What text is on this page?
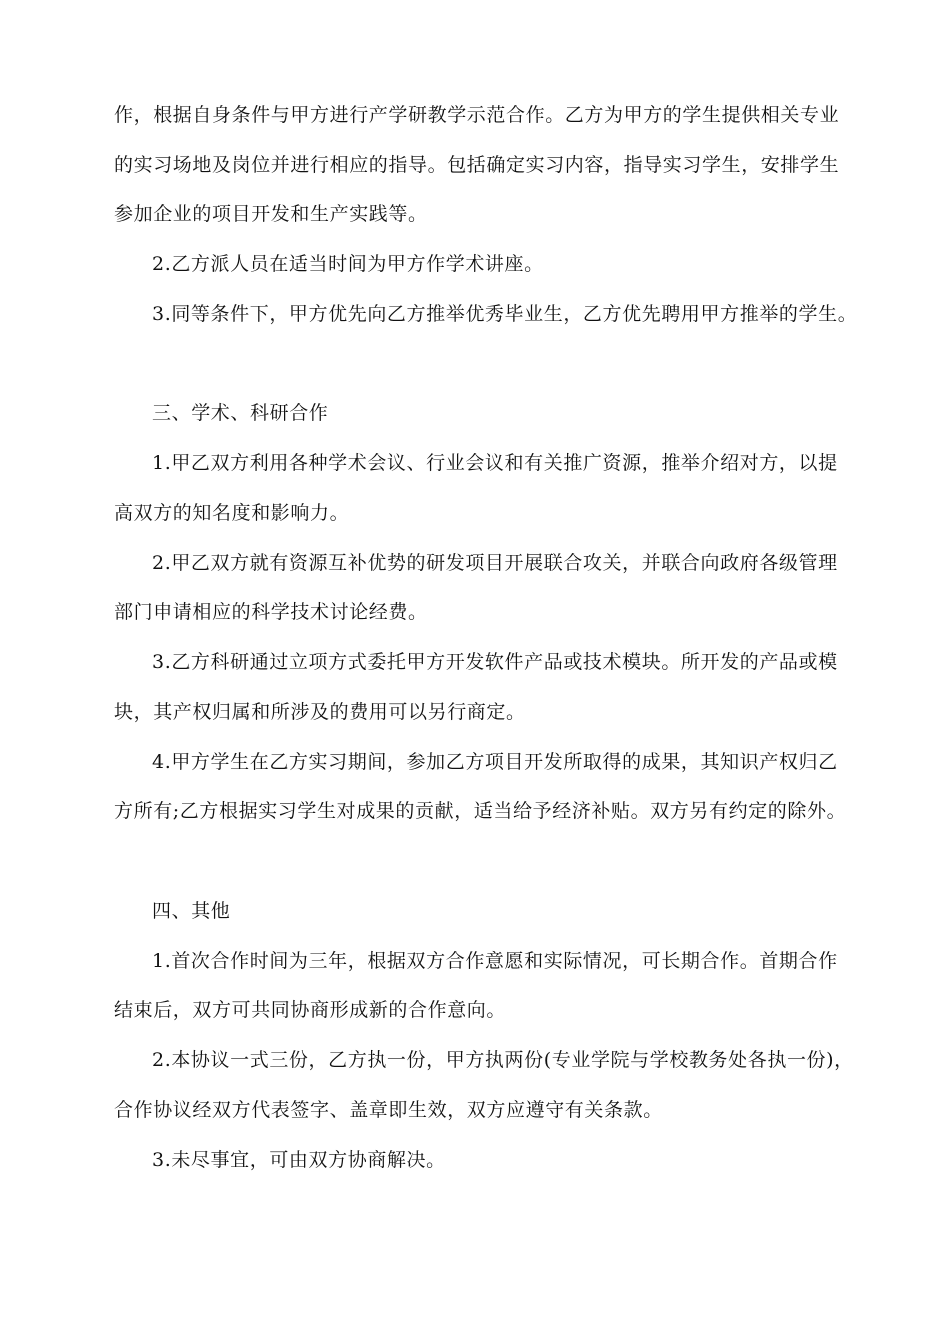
作，根据自身条件与甲方进行产学研教学示范合作。乙方为甲方的学生提供相关专业
的实习场地及岗位并进行相应的指导。包括确定实习内容，指导实习学生，安排学生
参加企业的项目开发和生产实践等。
2.乙方派人员在适当时间为甲方作学术讲座。
3.同等条件下，甲方优先向乙方推举优秀毕业生，乙方优先聘用甲方推举的学生。
三、学术、科研合作
1.甲乙双方利用各种学术会议、行业会议和有关推广资源，推举介绍对方，以提
高双方的知名度和影响力。
2.甲乙双方就有资源互补优势的研发项目开展联合攻关，并联合向政府各级管理
部门申请相应的科学技术讨论经费。
3.乙方科研通过立项方式委托甲方开发软件产品或技术模块。所开发的产品或模
块，其产权归属和所涉及的费用可以另行商定。
4.甲方学生在乙方实习期间，参加乙方项目开发所取得的成果，其知识产权归乙
方所有;乙方根据实习学生对成果的贡献，适当给予经济补贴。双方另有约定的除外。
四、其他
1.首次合作时间为三年，根据双方合作意愿和实际情况，可长期合作。首期合作
结束后，双方可共同协商形成新的合作意向。
2.本协议一式三份，乙方执一份，甲方执两份(专业学院与学校教务处各执一份)，
合作协议经双方代表签字、盖章即生效，双方应遵守有关条款。
3.未尽事宜，可由双方协商解决。
